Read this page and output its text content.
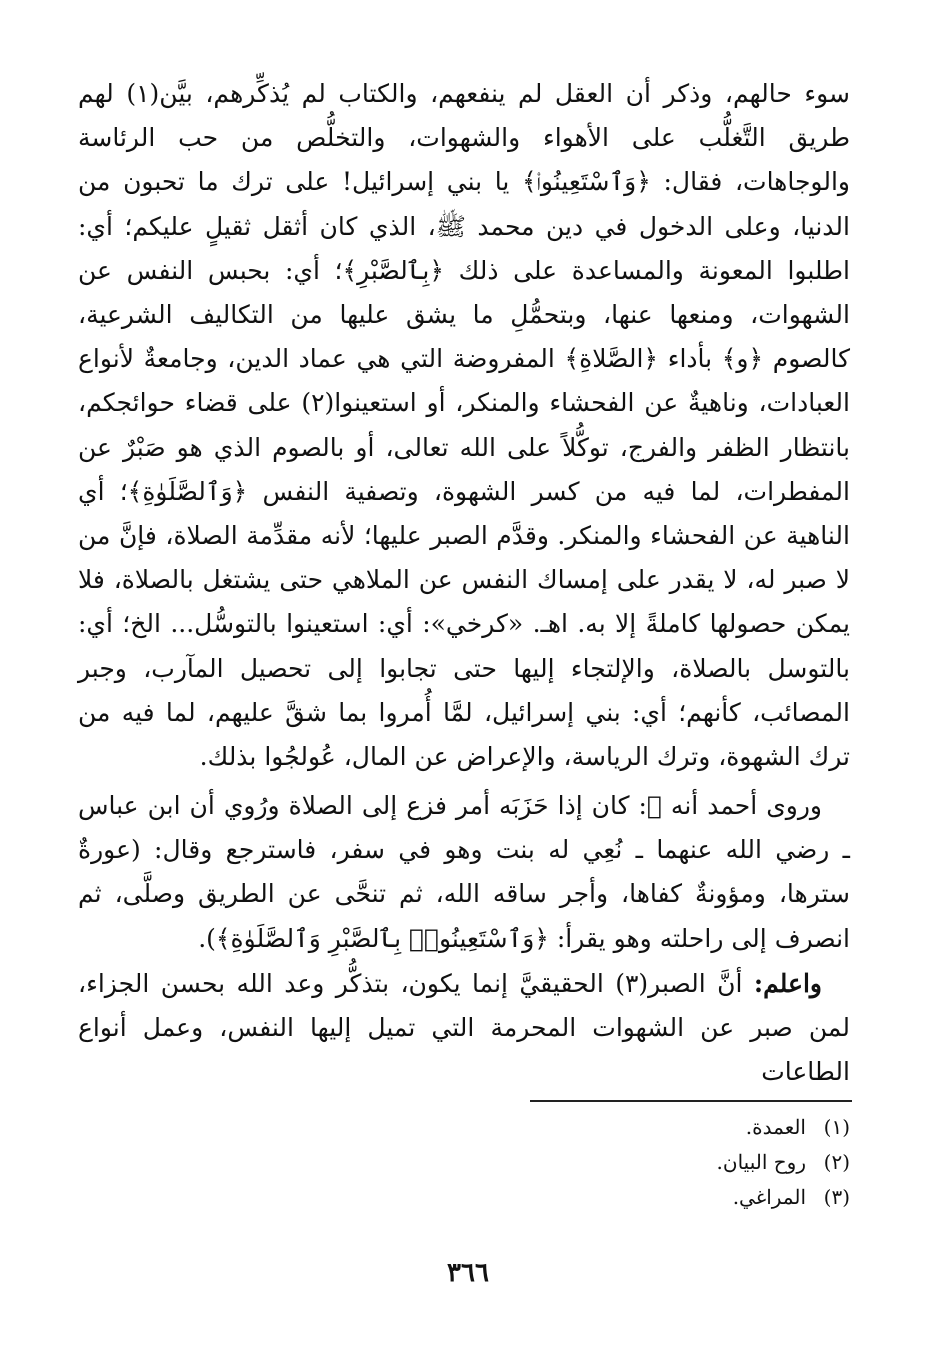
سوء حالهم، وذكر أن العقل لم ينفعهم، والكتاب لم يُذكِّرهم، بيَّن(١) لهم طريق التَّغلُّب على الأهواء والشهوات، والتخلُّص من حب الرئاسة والوجاهات، فقال: ﴿وَٱسْتَعِينُوا۟﴾ يا بني إسرائيل! على ترك ما تحبون من الدنيا، وعلى الدخول في دين محمد ﷺ، الذي كان أثقل ثقيلٍ عليكم؛ أي: اطلبوا المعونة والمساعدة على ذلك ﴿بِٱلصَّبْرِ﴾؛ أي: بحبس النفس عن الشهوات، ومنعها عنها، وبتحمُّلِ ما يشق عليها من التكاليف الشرعية، كالصوم ﴿و﴾ بأداء ﴿الصَّلاةِ﴾ المفروضة التي هي عماد الدين، وجامعةٌ لأنواع العبادات، وناهيةٌ عن الفحشاء والمنكر، أو استعينوا(٢) على قضاء حوائجكم، بانتظار الظفر والفرج، توكُّلاً على الله تعالى، أو بالصوم الذي هو صَبْرٌ عن المفطرات، لما فيه من كسر الشهوة، وتصفية النفس ﴿وَٱلصَّلَوٰةِ﴾؛ أي الناهية عن الفحشاء والمنكر. وقدَّم الصبر عليها؛ لأنه مقدِّمة الصلاة، فإنَّ من لا صبر له، لا يقدر على إمساك النفس عن الملاهي حتى يشتغل بالصلاة، فلا يمكن حصولها كاملةً إلا به. اهـ. «كرخي»: أي: استعينوا بالتوسُّل... الخ؛ أي: بالتوسل بالصلاة، والإلتجاء إليها حتى تجابوا إلى تحصيل المآرب، وجبر المصائب، كأنهم؛ أي: بني إسرائيل، لمَّا أُمروا بما شقَّ عليهم، لما فيه من ترك الشهوة، وترك الرياسة، والإعراض عن المال، عُولجُوا بذلك.

وروى أحمد أنه ﷺ: كان إذا حَزَبَه أمر فزع إلى الصلاة ورُوي أن ابن عباس ـ رضي الله عنهما ـ نُعِي له بنت وهو في سفر، فاسترجع وقال: (عورةٌ سترها، ومؤونةٌ كفاها، وأجر ساقه الله، ثم تنحَّى عن الطريق وصلَّى، ثم انصرف إلى راحلته وهو يقرأ: ﴿وَٱسْتَعِينُوا۟ بِٱلصَّبْرِ وَٱلصَّلَوٰةِ﴾).

واعلم: أنَّ الصبر(٣) الحقيقيَّ إنما يكون، بتذكُّر وعد الله بحسن الجزاء، لمن صبر عن الشهوات المحرمة التي تميل إليها النفس، وعمل أنواع الطاعات

(١)العمدة.
(٢)روح البيان.
(٣)المراغي.
٣٦٦
